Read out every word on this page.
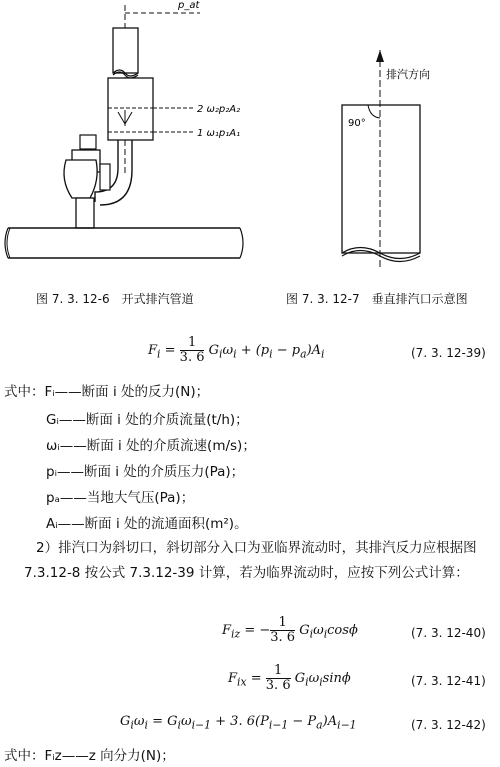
p_at
2 ω₂p₂A₂
1 ω₁p₁A₁
排汽方向
90°
图 7. 3. 12-6　开式排汽管道	图 7. 3. 12-7　垂直排汽口示意图
$F_i = \frac{1}{3. 6} G_i\omega_i + (p_i - p_a)A_i$	(7. 3. 12-39)
式中：Fᵢ——断面 i 处的反力(N)；
Gᵢ——断面 i 处的介质流量(t/h)；
ωᵢ——断面 i 处的介质流速(m/s)；
pᵢ——断面 i 处的介质压力(Pa)；
pₐ——当地大气压(Pa)；
Aᵢ——断面 i 处的流通面积(m²)。
2）排汽口为斜切口，斜切部分入口为亚临界流动时，其排汽反力应根据图 7.3.12-8 按公式 7.3.12-39 计算，若为临界流动时，应按下列公式计算：
$F_{iz}$ = − $\frac{1}{3. 6} G_i\omega_i\cos\phi$	(7. 3. 12-40)
$F_{ix} = \frac{1}{3. 6} G_i\omega_i\sin\phi$	(7. 3. 12-41)
$G_i\omega_i = G_i\omega_{i-1} + 3$. $6(P_{i-1} - P_a)A_{i-1}$	(7. 3. 12-42)
式中：Fᵢz——z 向分力(N)；
